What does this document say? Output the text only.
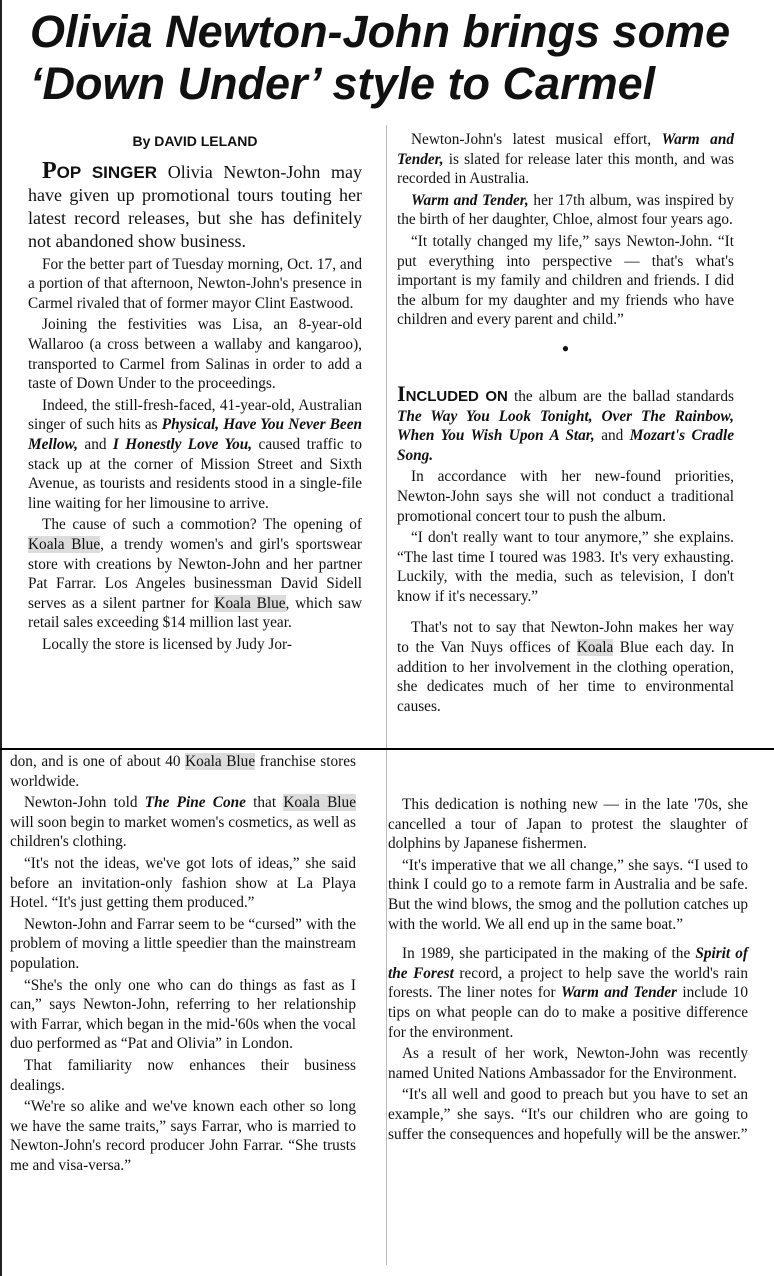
Olivia Newton-John brings some
‘Down Under’ style to Carmel
By DAVID LELAND

POP SINGER Olivia Newton-John may have given up promotional tours touting her latest record releases, but she has definitely not abandoned show business.

For the better part of Tuesday morning, Oct. 17, and a portion of that afternoon, Newton-John's presence in Carmel rivaled that of former mayor Clint Eastwood.

Joining the festivities was Lisa, an 8-year-old Wallaroo (a cross between a wallaby and kangaroo), transported to Carmel from Salinas in order to add a taste of Down Under to the proceedings.

Indeed, the still-fresh-faced, 41-year-old, Australian singer of such hits as Physical, Have You Never Been Mellow, and I Honestly Love You, caused traffic to stack up at the corner of Mission Street and Sixth Avenue, as tourists and residents stood in a single-file line waiting for her limousine to arrive.

The cause of such a commotion? The opening of Koala Blue, a trendy women's and girl's sportswear store with creations by Newton-John and her partner Pat Farrar. Los Angeles businessman David Sidell serves as a silent partner for Koala Blue, which saw retail sales exceeding $14 million last year.

Locally the store is licensed by Judy Jor-

don, and is one of about 40 Koala Blue franchise stores worldwide.

Newton-John told The Pine Cone that Koala Blue will soon begin to market women's cosmetics, as well as children's clothing.

“It's not the ideas, we've got lots of ideas,” she said before an invitation-only fashion show at La Playa Hotel. “It's just getting them produced.”

Newton-John and Farrar seem to be “cursed” with the problem of moving a little speedier than the mainstream population.

“She's the only one who can do things as fast as I can,” says Newton-John, referring to her relationship with Farrar, which began in the mid-'60s when the vocal duo performed as “Pat and Olivia” in London.

That familiarity now enhances their business dealings.

“We're so alike and we've known each other so long we have the same traits,” says Farrar, who is married to Newton-John's record producer John Farrar. “She trusts me and visa-versa.”

Newton-John's latest musical effort, Warm and Tender, is slated for release later this month, and was recorded in Australia.

Warm and Tender, her 17th album, was inspired by the birth of her daughter, Chloe, almost four years ago.

“It totally changed my life,” says Newton-John. “It put everything into perspective — that's what's important is my family and children and friends. I did the album for my daughter and my friends who have children and every parent and child.”

•

INCLUDED ON the album are the ballad standards The Way You Look Tonight, Over The Rainbow, When You Wish Upon A Star, and Mozart's Cradle Song.

In accordance with her new-found priorities, Newton-John says she will not conduct a traditional promotional concert tour to push the album.

“I don't really want to tour anymore,” she explains. “The last time I toured was 1983. It's very exhausting. Luckily, with the media, such as television, I don't know if it's necessary.”

That's not to say that Newton-John makes her way to the Van Nuys offices of Koala Blue each day. In addition to her involvement in the clothing operation, she dedicates much of her time to environmental causes.

This dedication is nothing new — in the late '70s, she cancelled a tour of Japan to protest the slaughter of dolphins by Japanese fishermen.

“It's imperative that we all change,” she says. “I used to think I could go to a remote farm in Australia and be safe. But the wind blows, the smog and the pollution catches up with the world. We all end up in the same boat.”

In 1989, she participated in the making of the Spirit of the Forest record, a project to help save the world's rain forests. The liner notes for Warm and Tender include 10 tips on what people can do to make a positive difference for the environment.

As a result of her work, Newton-John was recently named United Nations Ambassador for the Environment.

“It's all well and good to preach but you have to set an example,” she says. “It's our children who are going to suffer the consequences and hopefully will be the answer.”
